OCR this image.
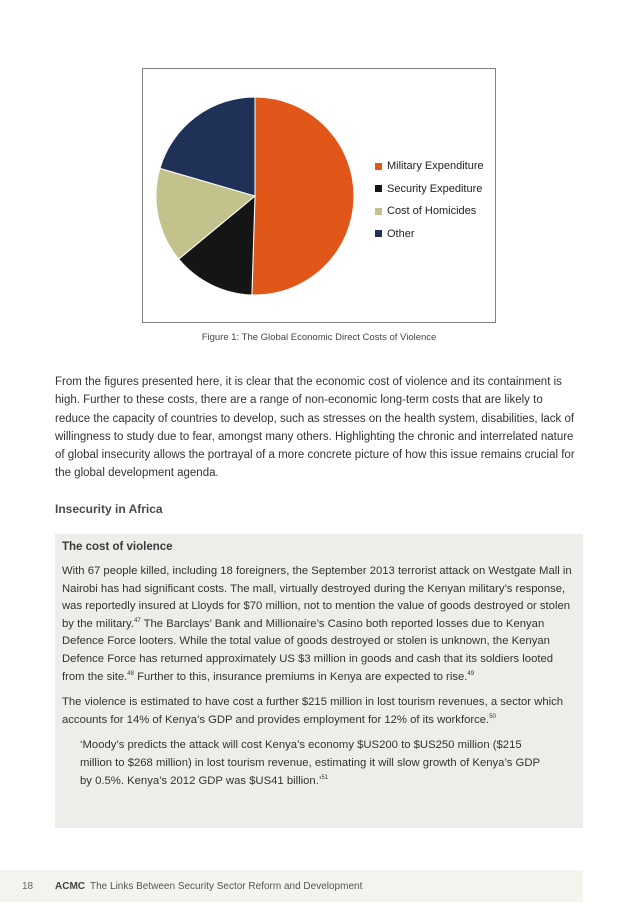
Military Expenditure
Security Expediture
Cost of Homicides
Other
Figure 1: The Global Economic Direct Costs of Violence
From the figures presented here, it is clear that the economic cost of violence and its containment is high. Further to these costs, there are a range of non-economic long-term costs that are likely to reduce the capacity of countries to develop, such as stresses on the health system, disabilities, lack of willingness to study due to fear, amongst many others. Highlighting the chronic and interrelated nature of global insecurity allows the portrayal of a more concrete picture of how this issue remains crucial for the global development agenda.
Insecurity in Africa
The cost of violence
With 67 people killed, including 18 foreigners, the September 2013 terrorist attack on Westgate Mall in Nairobi has had significant costs. The mall, virtually destroyed during the Kenyan military’s response, was reportedly insured at Lloyds for $70 million, not to mention the value of goods destroyed or stolen by the military.$^{47}$ The Barclays’ Bank and Millionaire’s Casino both reported losses due to Kenyan Defence Force looters. While the total value of goods destroyed or stolen is unknown, the Kenyan Defence Force has returned approximately US $3 million in goods and cash that its soldiers looted from the site.$^{48}$ Further to this, insurance premiums in Kenya are expected to rise.$^{49}$
The violence is estimated to have cost a further $215 million in lost tourism revenues, a sector which accounts for 14% of Kenya’s GDP and provides employment for 12% of its workforce.$^{50}$
‘Moody’s predicts the attack will cost Kenya’s economy $US200 to $US250 million ($215 million to $268 million) in lost tourism revenue, estimating it will slow growth of Kenya’s GDP by 0.5%. Kenya’s 2012 GDP was $US41 billion.’$^{51}$
18 ACMC The Links Between Security Sector Reform and Development
